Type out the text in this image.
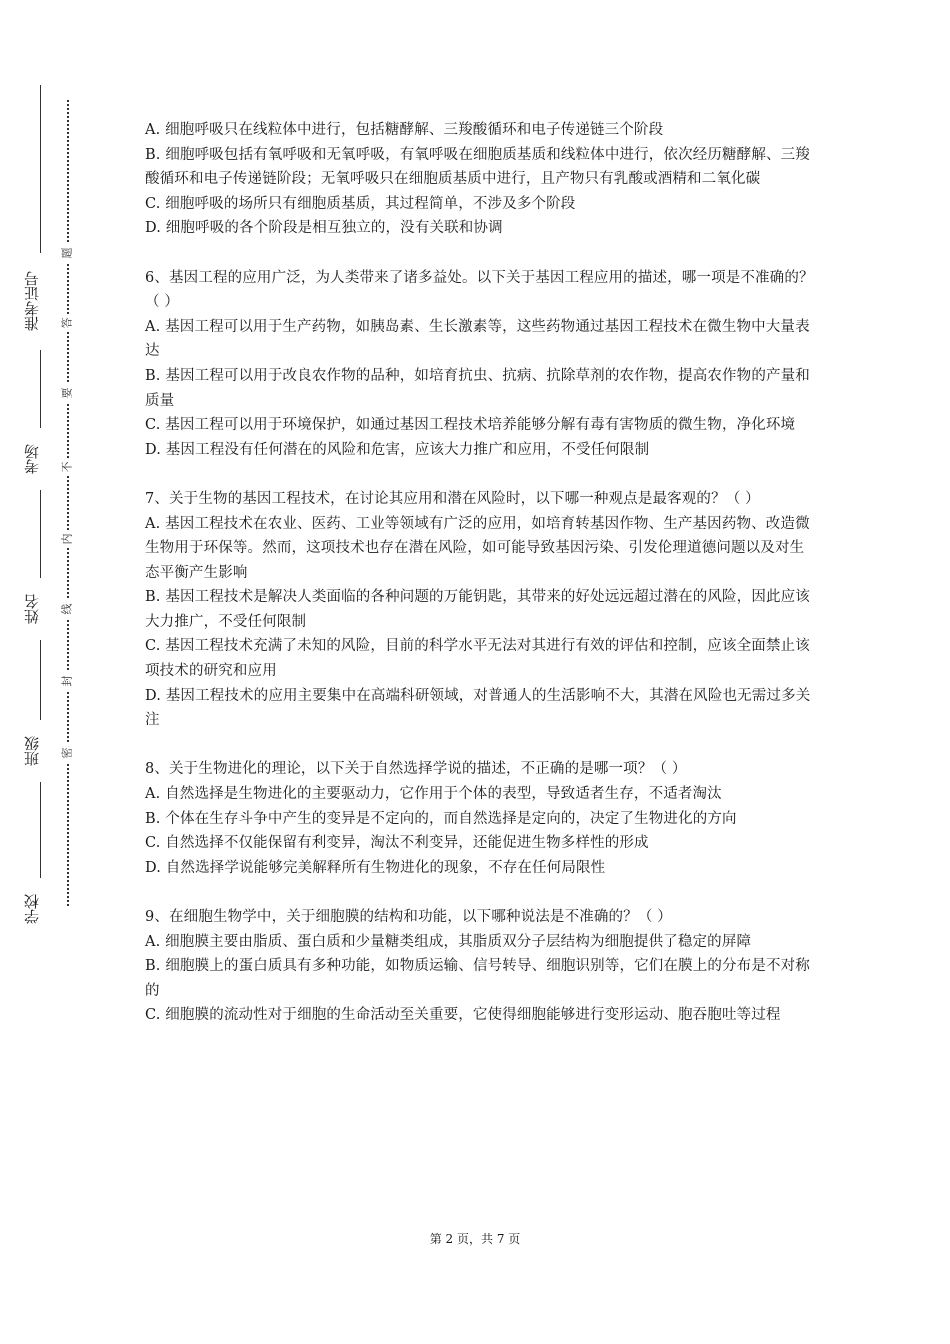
准考证号
考场
姓名
班级
学校
题
答
要
不
内
线
封
密

A. 细胞呼吸只在线粒体中进行，包括糖酵解、三羧酸循环和电子传递链三个阶段

B. 细胞呼吸包括有氧呼吸和无氧呼吸，有氧呼吸在细胞质基质和线粒体中进行，依次经历糖酵解、三羧酸循环和电子传递链阶段；无氧呼吸只在细胞质基质中进行，且产物只有乳酸或酒精和二氧化碳

C. 细胞呼吸的场所只有细胞质基质，其过程简单，不涉及多个阶段

D. 细胞呼吸的各个阶段是相互独立的，没有关联和协调

6、基因工程的应用广泛，为人类带来了诸多益处。以下关于基因工程应用的描述，哪一项是不准确的？（ ）

A. 基因工程可以用于生产药物，如胰岛素、生长激素等，这些药物通过基因工程技术在微生物中大量表达

B. 基因工程可以用于改良农作物的品种，如培育抗虫、抗病、抗除草剂的农作物，提高农作物的产量和质量

C. 基因工程可以用于环境保护，如通过基因工程技术培养能够分解有毒有害物质的微生物，净化环境

D. 基因工程没有任何潜在的风险和危害，应该大力推广和应用，不受任何限制

7、关于生物的基因工程技术，在讨论其应用和潜在风险时，以下哪一种观点是最客观的？（ ）

A. 基因工程技术在农业、医药、工业等领域有广泛的应用，如培育转基因作物、生产基因药物、改造微生物用于环保等。然而，这项技术也存在潜在风险，如可能导致基因污染、引发伦理道德问题以及对生态平衡产生影响

B. 基因工程技术是解决人类面临的各种问题的万能钥匙，其带来的好处远远超过潜在的风险，因此应该大力推广，不受任何限制

C. 基因工程技术充满了未知的风险，目前的科学水平无法对其进行有效的评估和控制，应该全面禁止该项技术的研究和应用

D. 基因工程技术的应用主要集中在高端科研领域，对普通人的生活影响不大，其潜在风险也无需过多关注

8、关于生物进化的理论，以下关于自然选择学说的描述，不正确的是哪一项？（ ）

A. 自然选择是生物进化的主要驱动力，它作用于个体的表型，导致适者生存，不适者淘汰

B. 个体在生存斗争中产生的变异是不定向的，而自然选择是定向的，决定了生物进化的方向

C. 自然选择不仅能保留有利变异，淘汰不利变异，还能促进生物多样性的形成

D. 自然选择学说能够完美解释所有生物进化的现象，不存在任何局限性

9、在细胞生物学中，关于细胞膜的结构和功能，以下哪种说法是不准确的？（ ）

A. 细胞膜主要由脂质、蛋白质和少量糖类组成，其脂质双分子层结构为细胞提供了稳定的屏障

B. 细胞膜上的蛋白质具有多种功能，如物质运输、信号转导、细胞识别等，它们在膜上的分布是不对称的

C. 细胞膜的流动性对于细胞的生命活动至关重要，它使得细胞能够进行变形运动、胞吞胞吐等过程

第 2 页，共 7 页
